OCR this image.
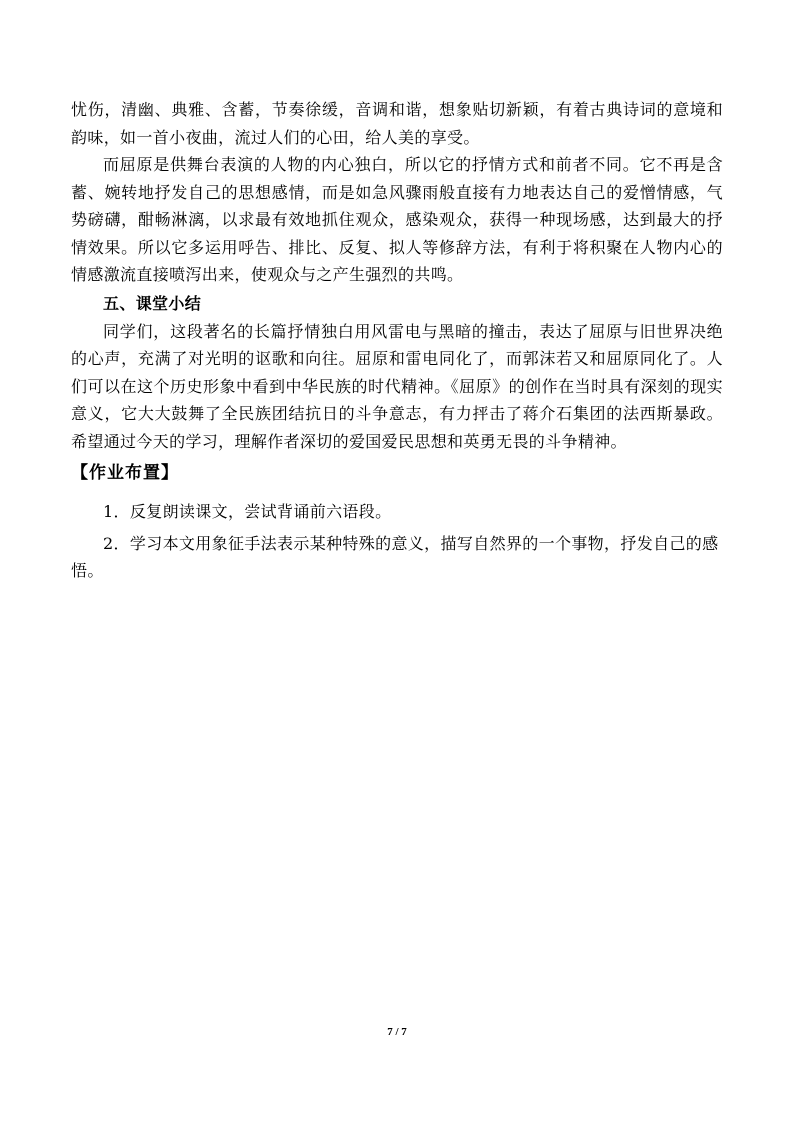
忧伤，清幽、典雅、含蓄，节奏徐缓，音调和谐，想象贴切新颖，有着古典诗词的意境和韵味，如一首小夜曲，流过人们的心田，给人美的享受。

而屈原是供舞台表演的人物的内心独白，所以它的抒情方式和前者不同。它不再是含蓄、婉转地抒发自己的思想感情，而是如急风骤雨般直接有力地表达自己的爱憎情感，气势磅礴，酣畅淋漓，以求最有效地抓住观众，感染观众，获得一种现场感，达到最大的抒情效果。所以它多运用呼告、排比、反复、拟人等修辞方法，有利于将积聚在人物内心的情感激流直接喷泻出来，使观众与之产生强烈的共鸣。

五、课堂小结

同学们，这段著名的长篇抒情独白用风雷电与黑暗的撞击，表达了屈原与旧世界决绝的心声，充满了对光明的讴歌和向往。屈原和雷电同化了，而郭沫若又和屈原同化了。人们可以在这个历史形象中看到中华民族的时代精神。《屈原》的创作在当时具有深刻的现实意义，它大大鼓舞了全民族团结抗日的斗争意志，有力抨击了蒋介石集团的法西斯暴政。希望通过今天的学习，理解作者深切的爱国爱民思想和英勇无畏的斗争精神。

【作业布置】

1．反复朗读课文，尝试背诵前六语段。

2．学习本文用象征手法表示某种特殊的意义，描写自然界的一个事物，抒发自己的感悟。

7 / 7
